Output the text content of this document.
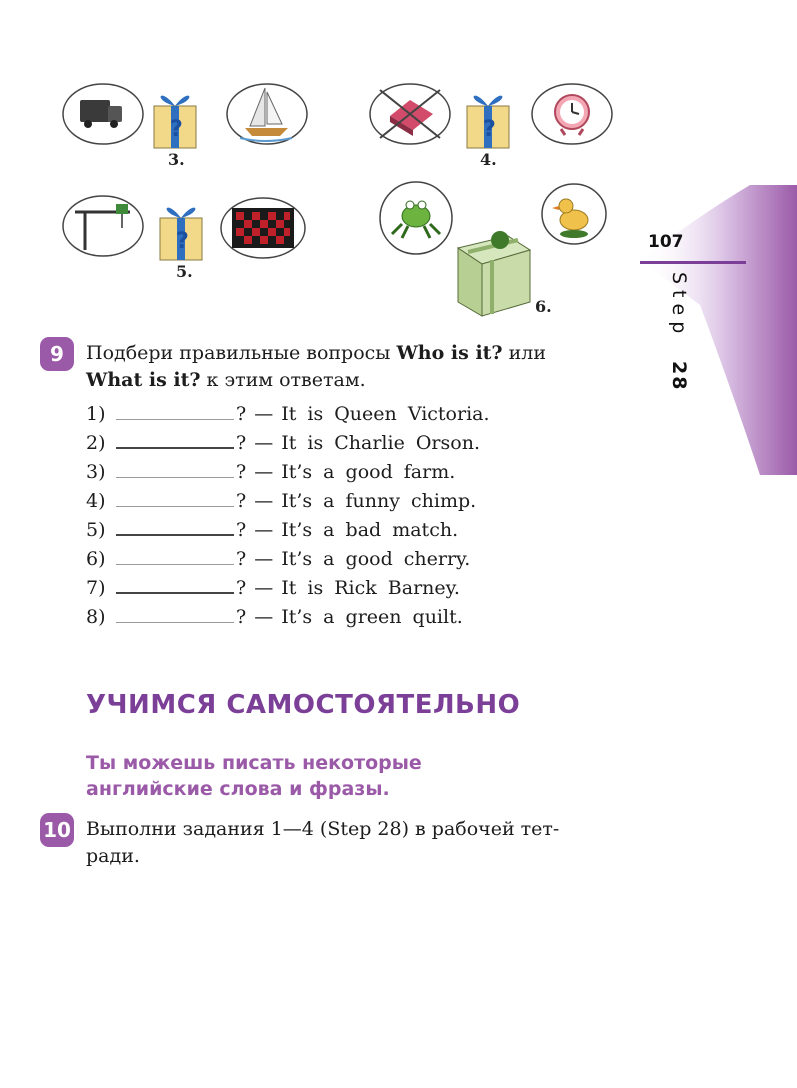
107
Step 28
?
3.
?
4.
?
5.
6.
9	Подбери правильные вопросы Who is it? или
What is it? к этим ответам.
1)	? — It is Queen Victoria.
2)	? — It is Charlie Orson.
3)	? — It’s a good farm.
4)	? — It’s a funny chimp.
5)	? — It’s a bad match.
6)	? — It’s a good cherry.
7)	? — It is Rick Barney.
8)	? — It’s a green quilt.
УЧИМСЯ САМОСТОЯТЕЛЬНО
Ты можешь писать некоторые
английские слова и фразы.
10 Выполни задания 1—4 (Step 28) в рабочей тет-
ради.
